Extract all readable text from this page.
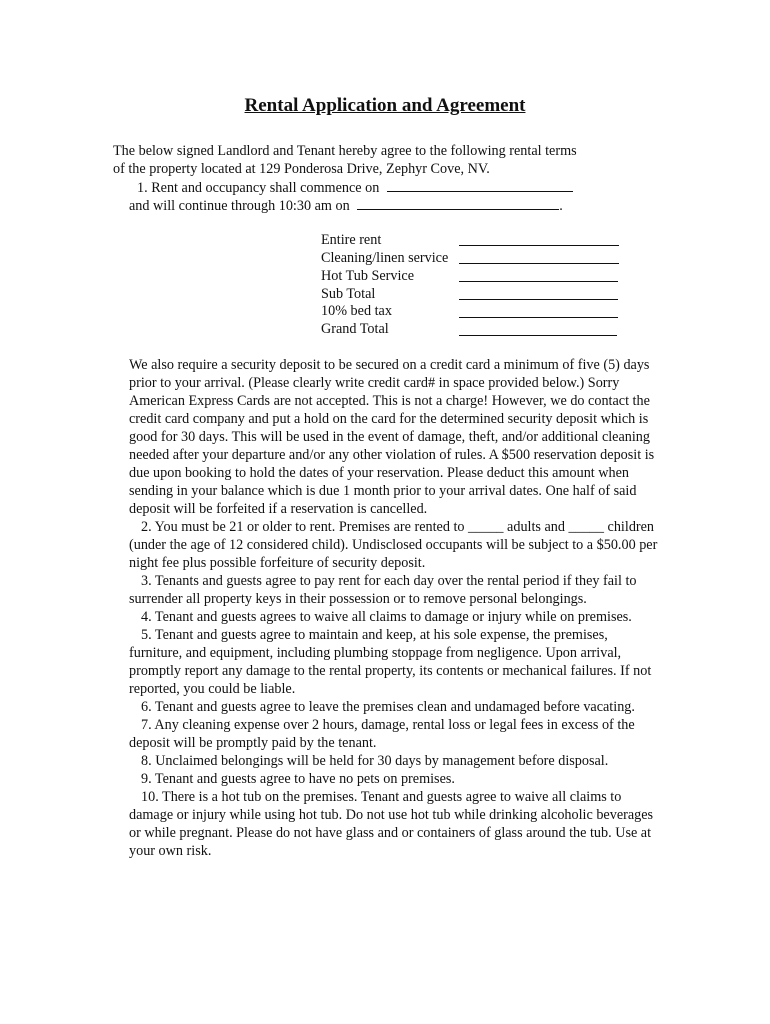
Rental Application and Agreement
The below signed Landlord and Tenant hereby agree to the following rental terms
of the property located at 129 Ponderosa Drive, Zephyr Cove, NV.
1. Rent and occupancy shall commence on
and will continue through 10:30 am on	.
Entire rent
Cleaning/linen service
Hot Tub Service
Sub Total
10% bed tax
Grand Total

We also require a security deposit to be secured on a credit card a minimum of five (5) days prior to your arrival. (Please clearly write credit card# in space provided below.) Sorry American Express Cards are not accepted. This is not a charge! However, we do contact the credit card company and put a hold on the card for the determined security deposit which is good for 30 days. This will be used in the event of damage, theft, and/or additional cleaning needed after your departure and/or any other violation of rules. A $500 reservation deposit is due upon booking to hold the dates of your reservation. Please deduct this amount when sending in your balance which is due 1 month prior to your arrival dates. One half of said deposit will be forfeited if a reservation is cancelled.

2. You must be 21 or older to rent. Premises are rented to _____ adults and _____ children (under the age of 12 considered child). Undisclosed occupants will be subject to a $50.00 per night fee plus possible forfeiture of security deposit.

3. Tenants and guests agree to pay rent for each day over the rental period if they fail to surrender all property keys in their possession or to remove personal belongings.

4. Tenant and guests agrees to waive all claims to damage or injury while on premises.

5. Tenant and guests agree to maintain and keep, at his sole expense, the premises, furniture, and equipment, including plumbing stoppage from negligence. Upon arrival, promptly report any damage to the rental property, its contents or mechanical failures. If not reported, you could be liable.

6. Tenant and guests agree to leave the premises clean and undamaged before vacating.

7. Any cleaning expense over 2 hours, damage, rental loss or legal fees in excess of the deposit will be promptly paid by the tenant.

8. Unclaimed belongings will be held for 30 days by management before disposal.

9. Tenant and guests agree to have no pets on premises.

10. There is a hot tub on the premises. Tenant and guests agree to waive all claims to damage or injury while using hot tub. Do not use hot tub while drinking alcoholic beverages or while pregnant. Please do not have glass and or containers of glass around the tub. Use at your own risk.
